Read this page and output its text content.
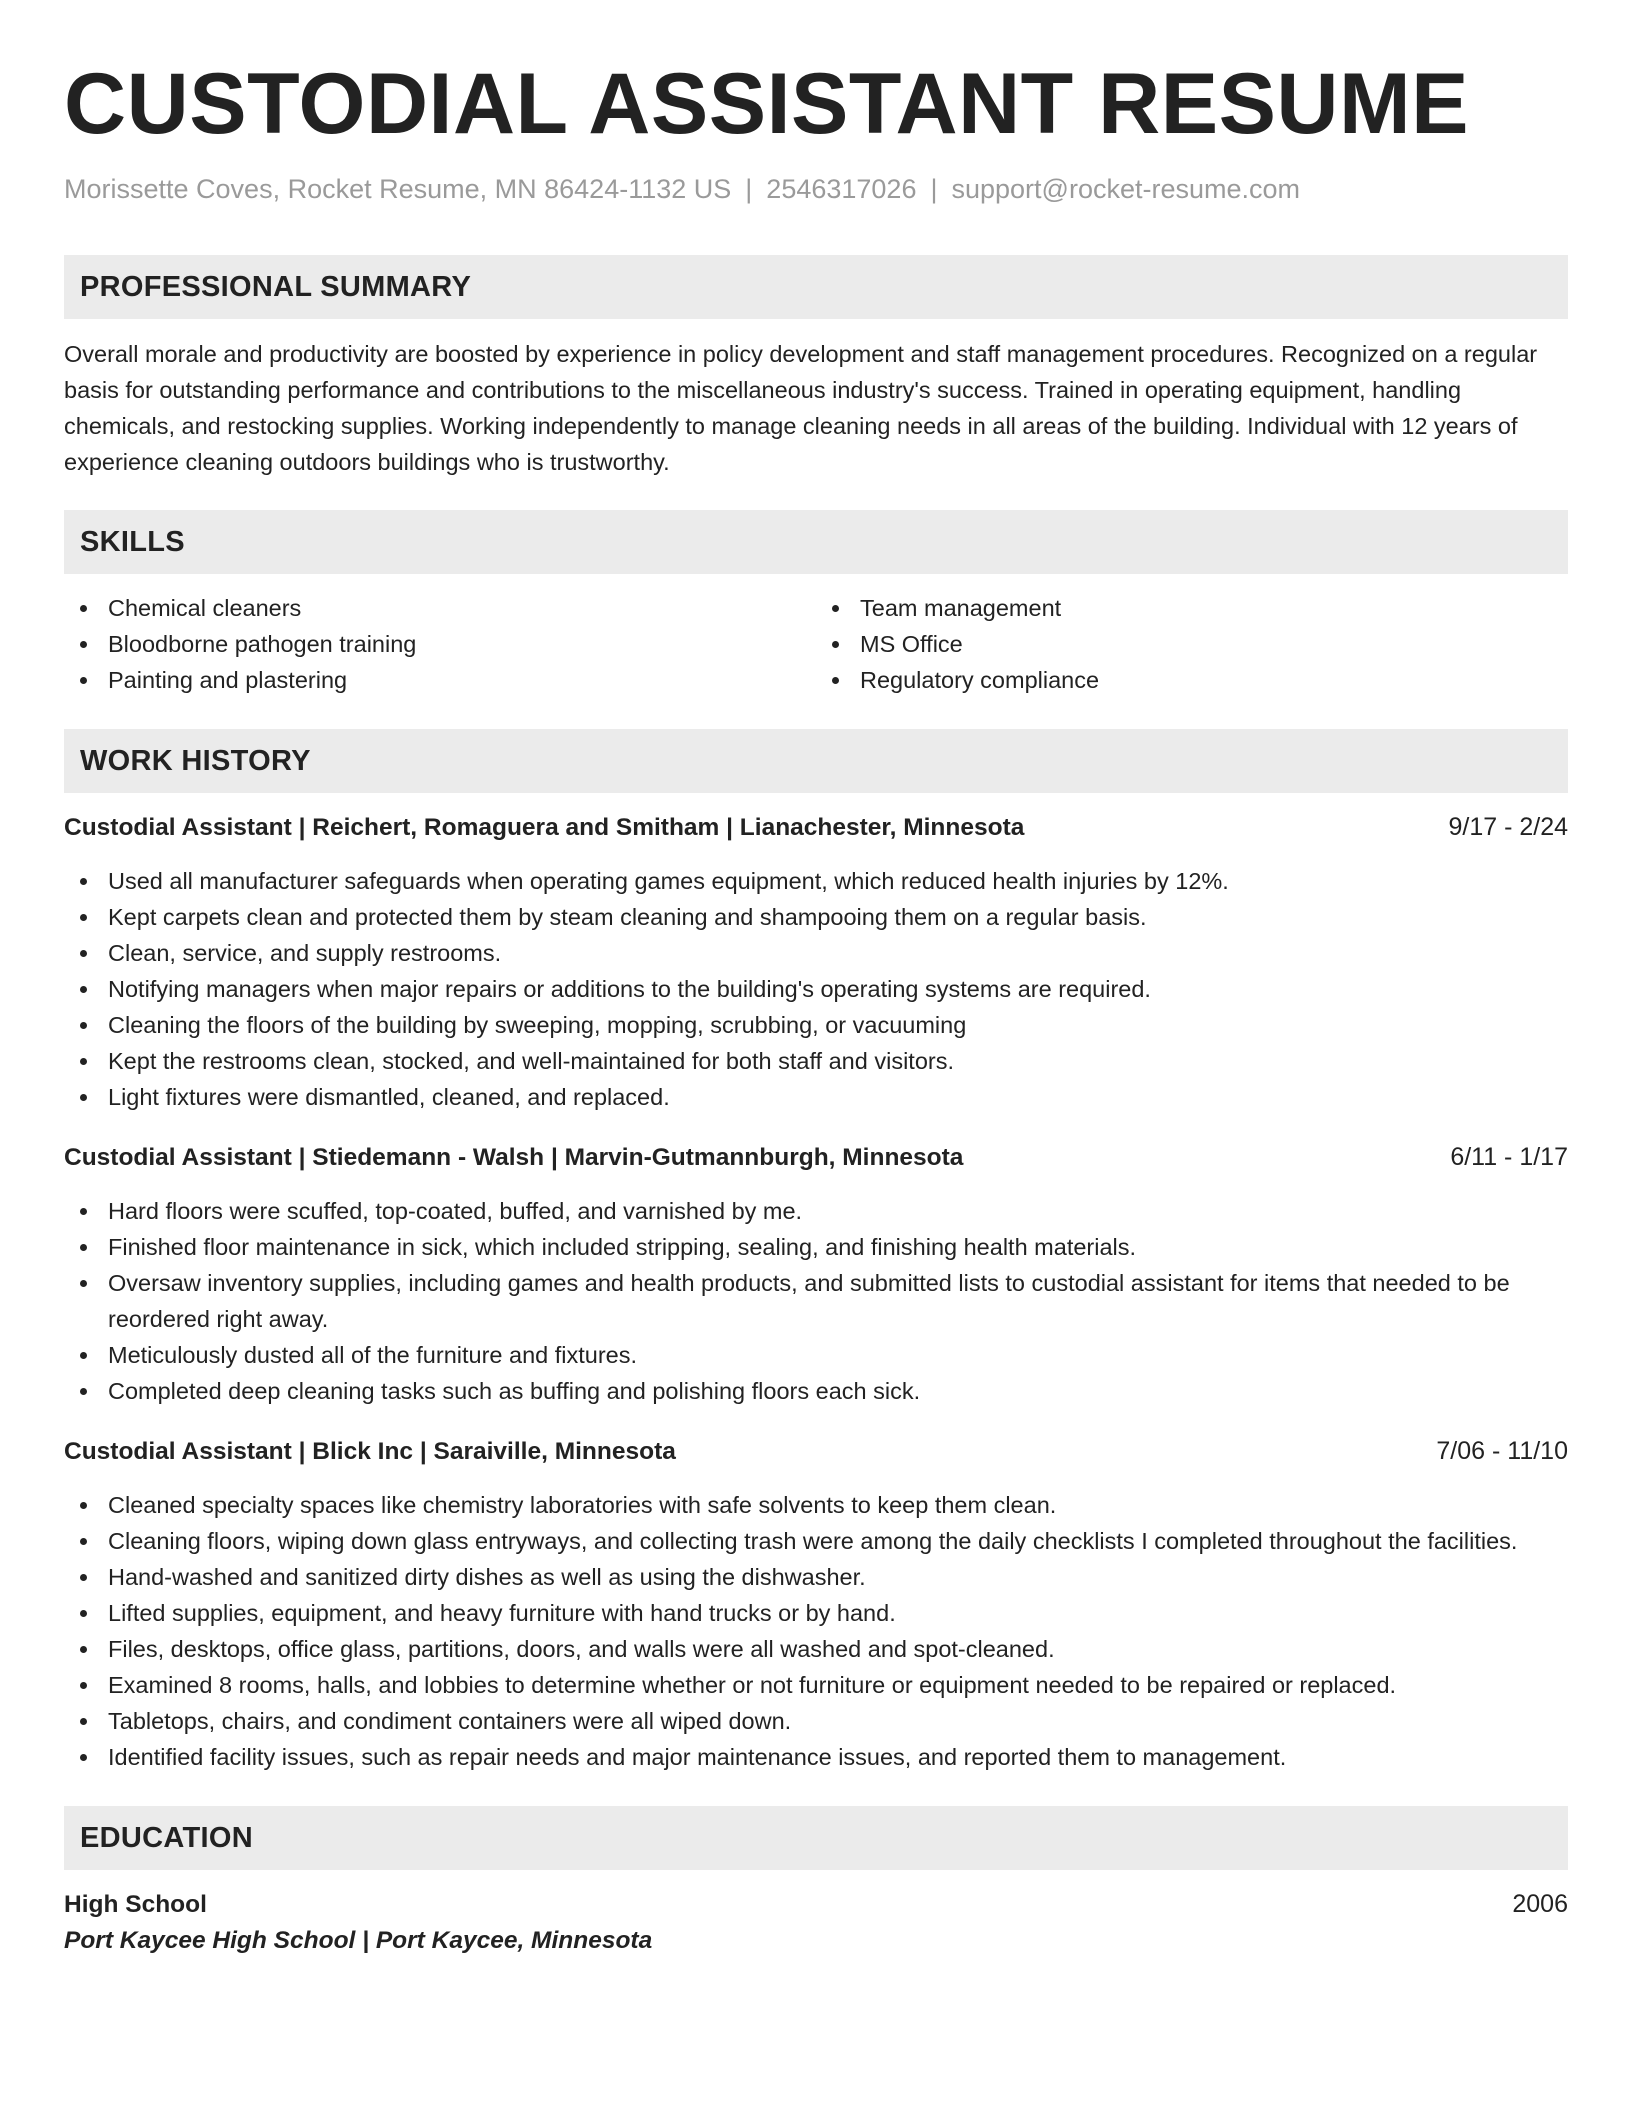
CUSTODIAL ASSISTANT RESUME
Morissette Coves, Rocket Resume, MN 86424-1132 US | 2546317026 | support@rocket-resume.com
PROFESSIONAL SUMMARY

Overall morale and productivity are boosted by experience in policy development and staff management procedures. Recognized on a regular basis for outstanding performance and contributions to the miscellaneous industry's success. Trained in operating equipment, handling chemicals, and restocking supplies. Working independently to manage cleaning needs in all areas of the building. Individual with 12 years of experience cleaning outdoors buildings who is trustworthy.

SKILLS
Chemical cleaners
Bloodborne pathogen training
Painting and plastering
Team management
MS Office
Regulatory compliance
WORK HISTORY
Custodial Assistant | Reichert, Romaguera and Smitham | Lianachester, Minnesota	9/17 - 2/24
Used all manufacturer safeguards when operating games equipment, which reduced health injuries by 12%.
Kept carpets clean and protected them by steam cleaning and shampooing them on a regular basis.
Clean, service, and supply restrooms.
Notifying managers when major repairs or additions to the building's operating systems are required.
Cleaning the floors of the building by sweeping, mopping, scrubbing, or vacuuming
Kept the restrooms clean, stocked, and well-maintained for both staff and visitors.
Light fixtures were dismantled, cleaned, and replaced.
Custodial Assistant | Stiedemann - Walsh | Marvin-Gutmannburgh, Minnesota	6/11 - 1/17
Hard floors were scuffed, top-coated, buffed, and varnished by me.
Finished floor maintenance in sick, which included stripping, sealing, and finishing health materials.
Oversaw inventory supplies, including games and health products, and submitted lists to custodial assistant for items that needed to be reordered right away.
Meticulously dusted all of the furniture and fixtures.
Completed deep cleaning tasks such as buffing and polishing floors each sick.
Custodial Assistant | Blick Inc | Saraiville, Minnesota	7/06 - 11/10
Cleaned specialty spaces like chemistry laboratories with safe solvents to keep them clean.
Cleaning floors, wiping down glass entryways, and collecting trash were among the daily checklists I completed throughout the facilities.
Hand-washed and sanitized dirty dishes as well as using the dishwasher.
Lifted supplies, equipment, and heavy furniture with hand trucks or by hand.
Files, desktops, office glass, partitions, doors, and walls were all washed and spot-cleaned.
Examined 8 rooms, halls, and lobbies to determine whether or not furniture or equipment needed to be repaired or replaced.
Tabletops, chairs, and condiment containers were all wiped down.
Identified facility issues, such as repair needs and major maintenance issues, and reported them to management.
EDUCATION
High School	2006
Port Kaycee High School | Port Kaycee, Minnesota
